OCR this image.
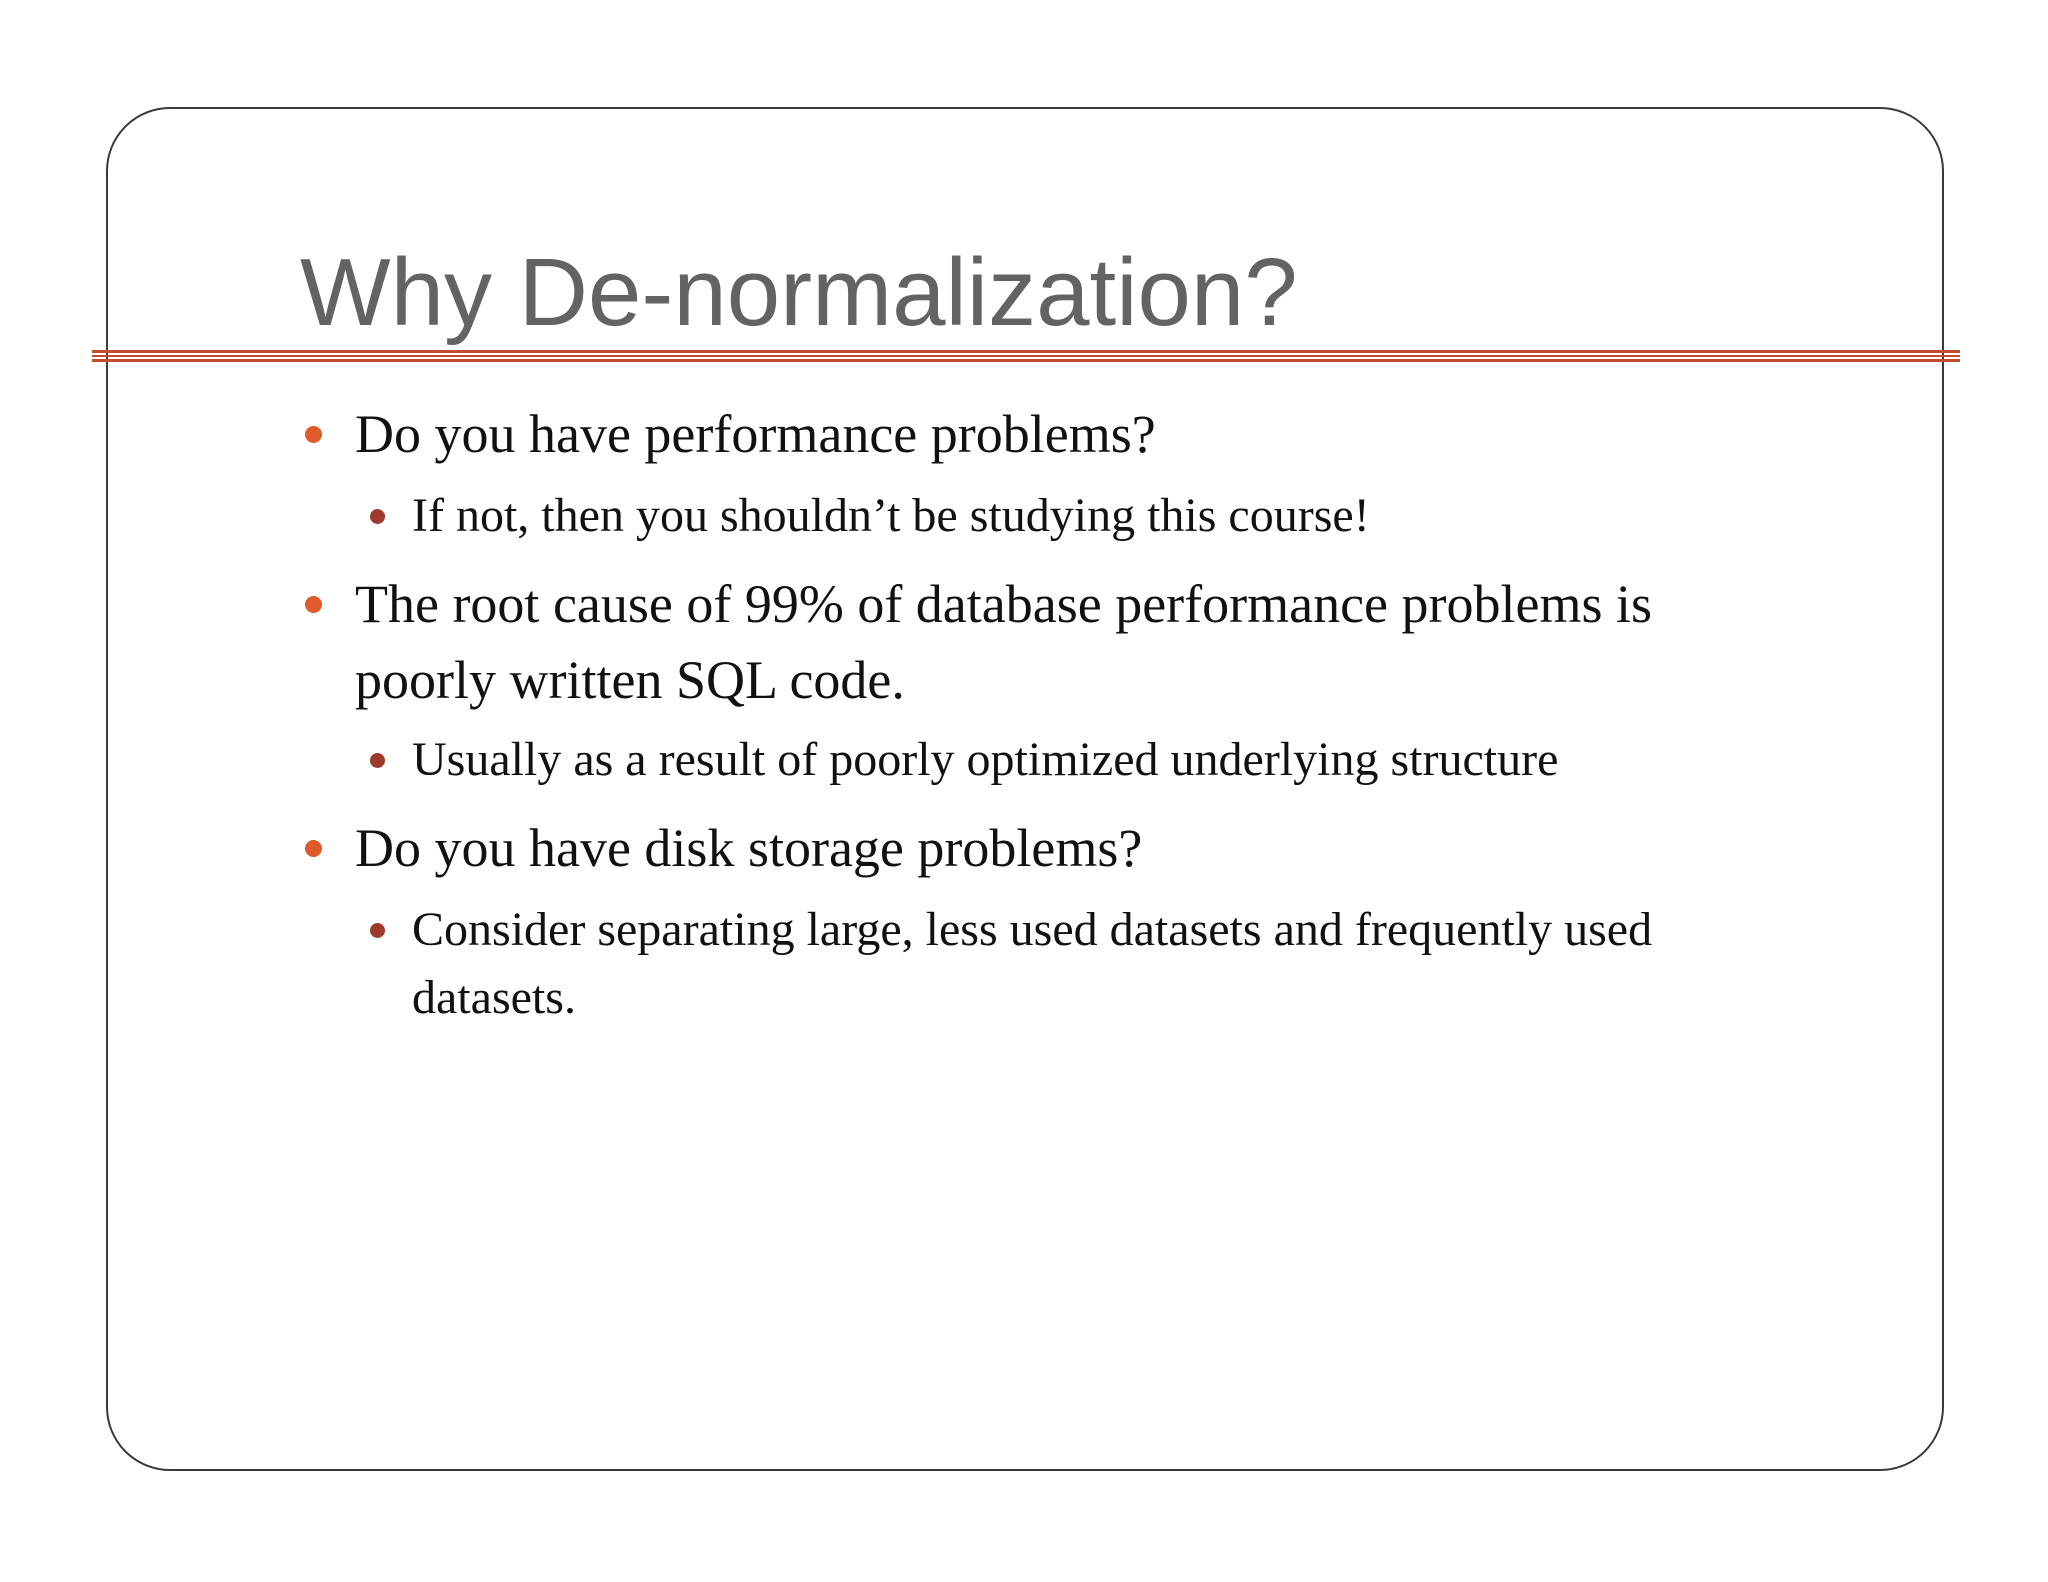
Why De-normalization?
Do you have performance problems?
If not, then you shouldn’t be studying this course!
The root cause of 99% of database performance problems is
poorly written SQL code.
Usually as a result of poorly optimized underlying structure
Do you have disk storage problems?
Consider separating large, less used datasets and frequently used
datasets.
